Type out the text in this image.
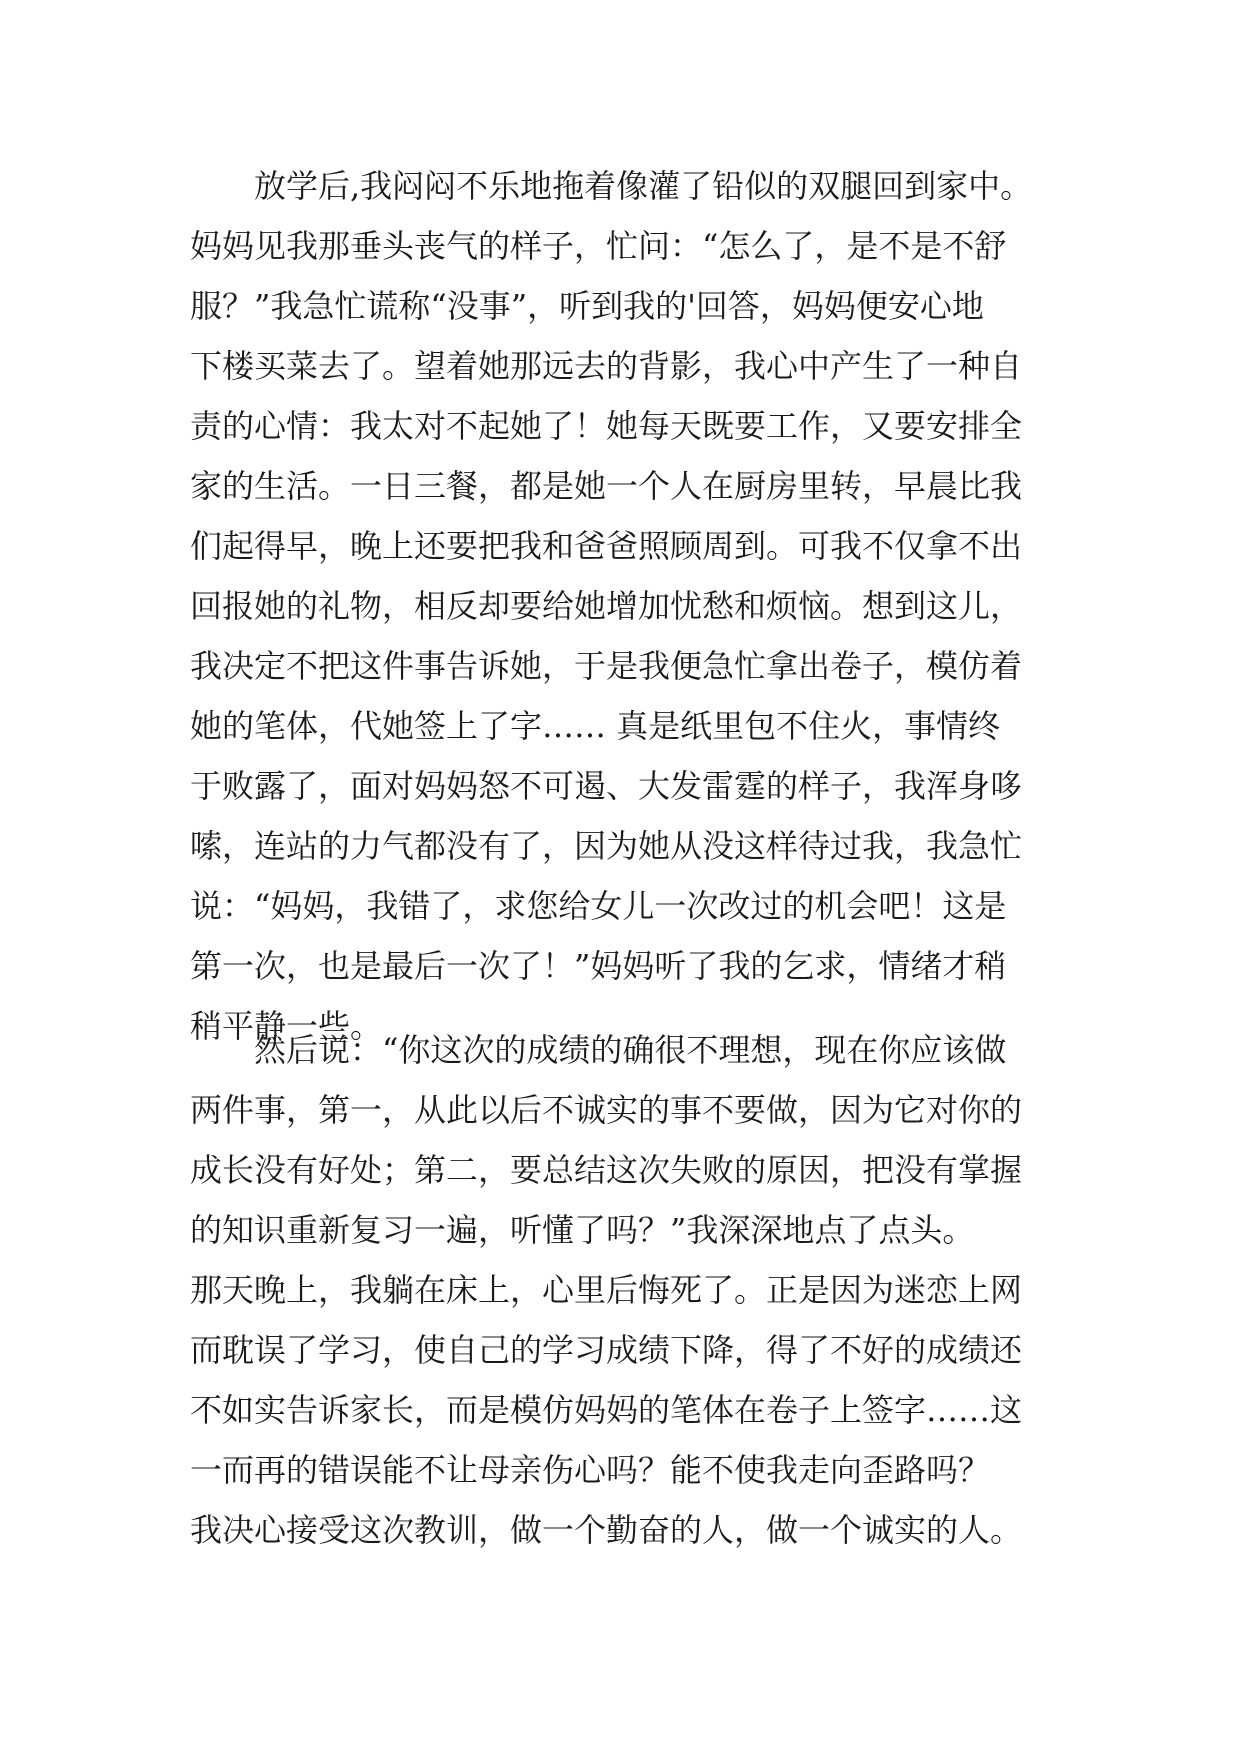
放学后,我闷闷不乐地拖着像灌了铅似的双腿回到家中。
妈妈见我那垂头丧气的样子，忙问：“怎么了，是不是不舒
服？”我急忙谎称“没事”，听到我的'回答，妈妈便安心地
下楼买菜去了。望着她那远去的背影，我心中产生了一种自
责的心情：我太对不起她了！她每天既要工作，又要安排全
家的生活。一日三餐，都是她一个人在厨房里转，早晨比我
们起得早，晚上还要把我和爸爸照顾周到。可我不仅拿不出
回报她的礼物，相反却要给她增加忧愁和烦恼。想到这儿，
我决定不把这件事告诉她，于是我便急忙拿出卷子，模仿着
她的笔体，代她签上了字…… 真是纸里包不住火，事情终
于败露了，面对妈妈怒不可遏、大发雷霆的样子，我浑身哆
嗦，连站的力气都没有了，因为她从没这样待过我，我急忙
说：“妈妈，我错了，求您给女儿一次改过的机会吧！这是
第一次，也是最后一次了！”妈妈听了我的乞求，情绪才稍
稍平静一些。
然后说：“你这次的成绩的确很不理想，现在你应该做
两件事，第一，从此以后不诚实的事不要做，因为它对你的
成长没有好处；第二，要总结这次失败的原因，把没有掌握
的知识重新复习一遍，听懂了吗？”我深深地点了点头。
那天晚上，我躺在床上，心里后悔死了。正是因为迷恋上网
而耽误了学习，使自己的学习成绩下降，得了不好的成绩还
不如实告诉家长，而是模仿妈妈的笔体在卷子上签字……这
一而再的错误能不让母亲伤心吗？能不使我走向歪路吗？
我决心接受这次教训，做一个勤奋的人，做一个诚实的人。
